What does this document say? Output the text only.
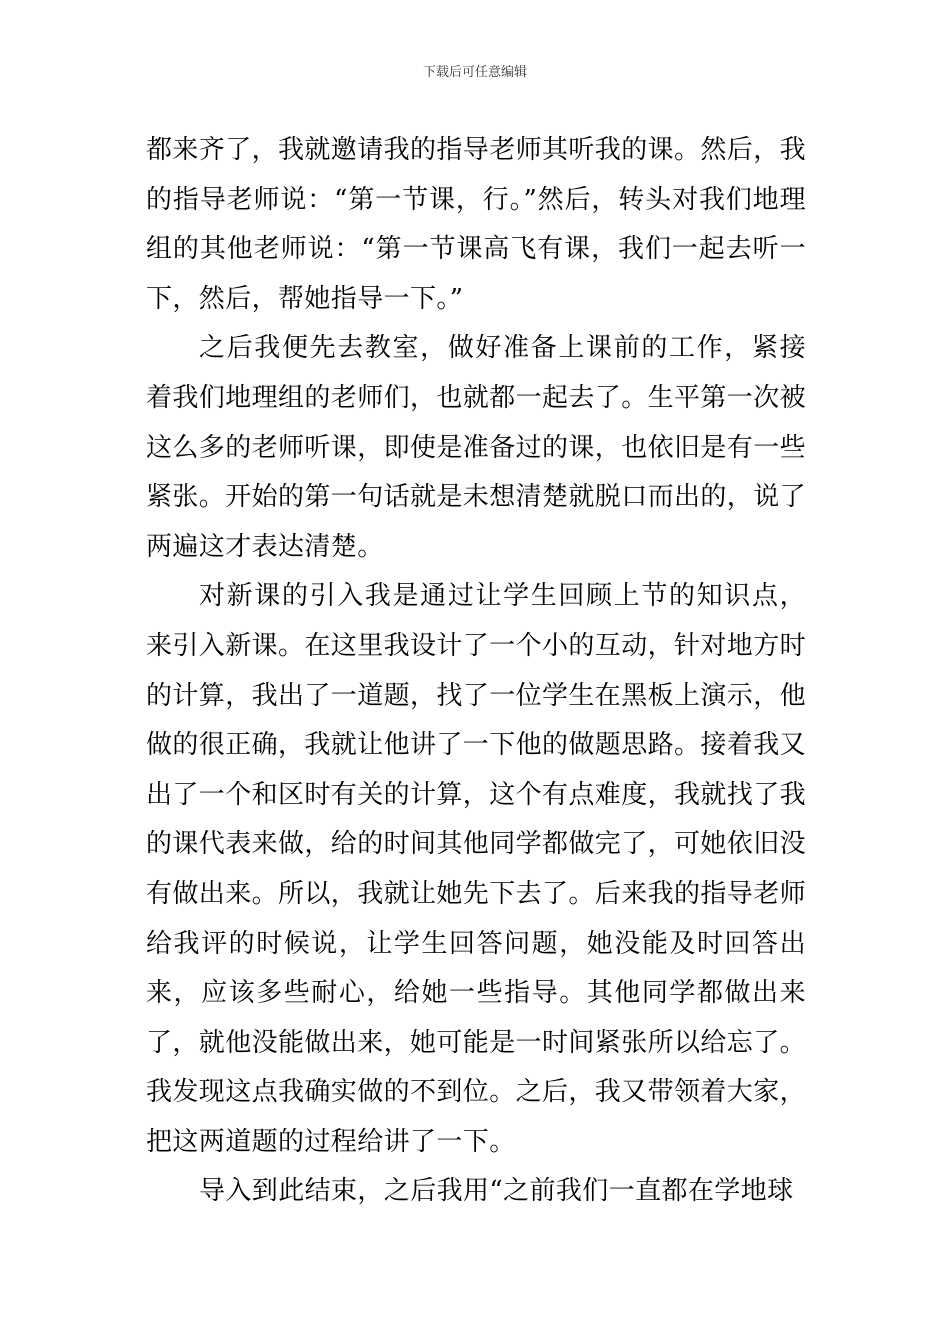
下载后可任意编辑

都来齐了，我就邀请我的指导老师其听我的课。然后，我的指导老师说：“第一节课，行。”然后，转头对我们地理组的其他老师说：“第一节课高飞有课，我们一起去听一下，然后，帮她指导一下。”

之后我便先去教室，做好准备上课前的工作，紧接着我们地理组的老师们，也就都一起去了。生平第一次被这么多的老师听课，即使是准备过的课，也依旧是有一些紧张。开始的第一句话就是未想清楚就脱口而出的，说了两遍这才表达清楚。

对新课的引入我是通过让学生回顾上节的知识点，来引入新课。在这里我设计了一个小的互动，针对地方时的计算，我出了一道题，找了一位学生在黑板上演示，他做的很正确，我就让他讲了一下他的做题思路。接着我又出了一个和区时有关的计算，这个有点难度，我就找了我的课代表来做，给的时间其他同学都做完了，可她依旧没有做出来。所以，我就让她先下去了。后来我的指导老师给我评的时候说，让学生回答问题，她没能及时回答出来，应该多些耐心，给她一些指导。其他同学都做出来了，就他没能做出来，她可能是一时间紧张所以给忘了。我发现这点我确实做的不到位。之后，我又带领着大家，把这两道题的过程给讲了一下。

导入到此结束，之后我用“之前我们一直都在学地球
